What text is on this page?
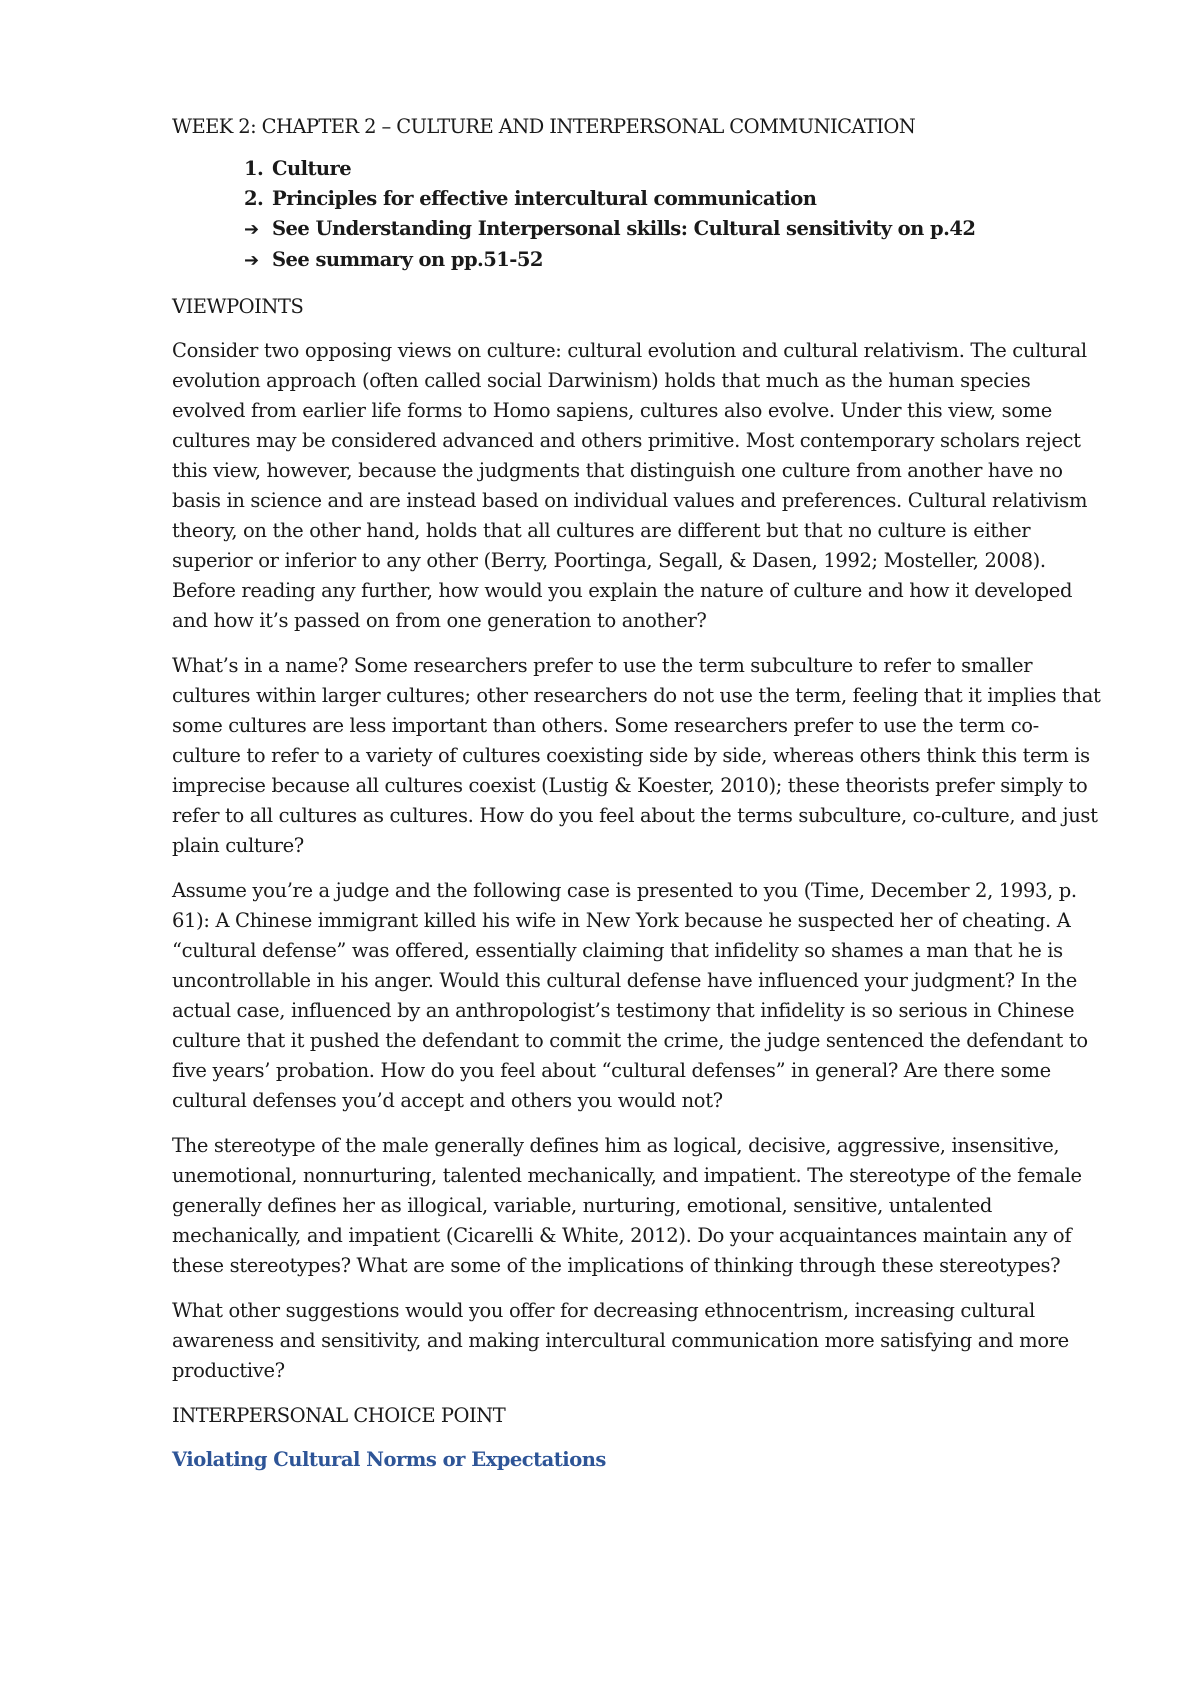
WEEK 2: CHAPTER 2 – CULTURE AND INTERPERSONAL COMMUNICATION
1. Culture
2. Principles for effective intercultural communication
➔ See Understanding Interpersonal skills: Cultural sensitivity on p.42
➔ See summary on pp.51-52
VIEWPOINTS

Consider two opposing views on culture: cultural evolution and cultural relativism. The cultural evolution approach (often called social Darwinism) holds that much as the human species evolved from earlier life forms to Homo sapiens, cultures also evolve. Under this view, some cultures may be considered advanced and others primitive. Most contemporary scholars reject this view, however, because the judgments that distinguish one culture from another have no basis in science and are instead based on individual values and preferences. Cultural relativism theory, on the other hand, holds that all cultures are different but that no culture is either superior or inferior to any other (Berry, Poortinga, Segall, & Dasen, 1992; Mosteller, 2008). Before reading any further, how would you explain the nature of culture and how it developed and how it’s passed on from one generation to another?

What’s in a name? Some researchers prefer to use the term subculture to refer to smaller cultures within larger cultures; other researchers do not use the term, feeling that it implies that some cultures are less important than others. Some researchers prefer to use the term co-culture to refer to a variety of cultures coexisting side by side, whereas others think this term is imprecise because all cultures coexist (Lustig & Koester, 2010); these theorists prefer simply to refer to all cultures as cultures. How do you feel about the terms subculture, co-culture, and just plain culture?

Assume you’re a judge and the following case is presented to you (Time, December 2, 1993, p. 61): A Chinese immigrant killed his wife in New York because he suspected her of cheating. A “cultural defense” was offered, essentially claiming that infidelity so shames a man that he is uncontrollable in his anger. Would this cultural defense have influenced your judgment? In the actual case, influenced by an anthropologist’s testimony that infidelity is so serious in Chinese culture that it pushed the defendant to commit the crime, the judge sentenced the defendant to five years’ probation. How do you feel about “cultural defenses” in general? Are there some cultural defenses you’d accept and others you would not?

The stereotype of the male generally defines him as logical, decisive, aggressive, insensitive, unemotional, nonnurturing, talented mechanically, and impatient. The stereotype of the female generally defines her as illogical, variable, nurturing, emotional, sensitive, untalented mechanically, and impatient (Cicarelli & White, 2012). Do your acquaintances maintain any of these stereotypes? What are some of the implications of thinking through these stereotypes?

What other suggestions would you offer for decreasing ethnocentrism, increasing cultural awareness and sensitivity, and making intercultural communication more satisfying and more productive?

INTERPERSONAL CHOICE POINT
Violating Cultural Norms or Expectations
